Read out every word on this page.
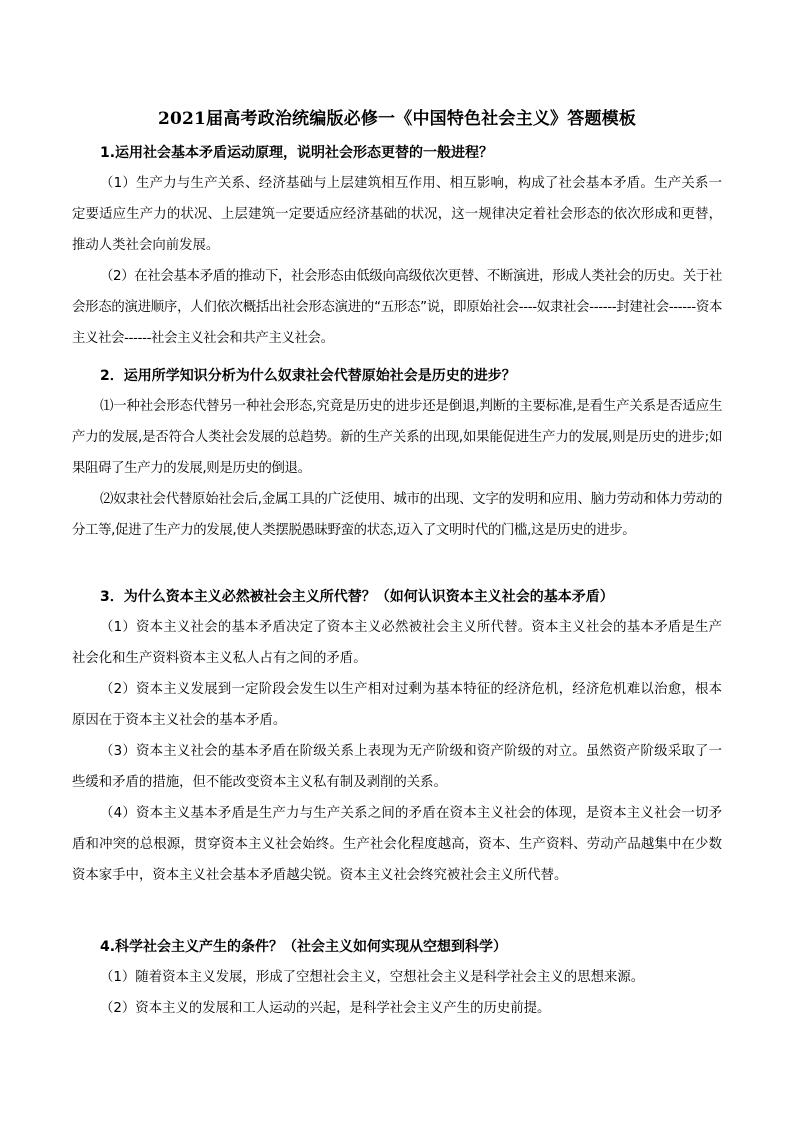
2021届高考政治统编版必修一《中国特色社会主义》答题模板
1.运用社会基本矛盾运动原理，说明社会形态更替的一般进程？

（1）生产力与生产关系、经济基础与上层建筑相互作用、相互影响，构成了社会基本矛盾。生产关系一定要适应生产力的状况、上层建筑一定要适应经济基础的状况，这一规律决定着社会形态的依次形成和更替，推动人类社会向前发展。

（2）在社会基本矛盾的推动下，社会形态由低级向高级依次更替、不断演进，形成人类社会的历史。关于社会形态的演进顺序，人们依次概括出社会形态演进的“五形态”说，即原始社会----奴隶社会------封建社会------资本主义社会------社会主义社会和共产主义社会。

2．运用所学知识分析为什么奴隶社会代替原始社会是历史的进步？

⑴一种社会形态代替另一种社会形态,究竟是历史的进步还是倒退,判断的主要标准,是看生产关系是否适应生产力的发展,是否符合人类社会发展的总趋势。新的生产关系的出现,如果能促进生产力的发展,则是历史的进步;如果阻碍了生产力的发展,则是历史的倒退。

⑵奴隶社会代替原始社会后,金属工具的广泛使用、城市的出现、文字的发明和应用、脑力劳动和体力劳动的分工等,促进了生产力的发展,使人类摆脱愚昧野蛮的状态,迈入了文明时代的门槛,这是历史的进步。

3．为什么资本主义必然被社会主义所代替？（如何认识资本主义社会的基本矛盾）

（1）资本主义社会的基本矛盾决定了资本主义必然被社会主义所代替。资本主义社会的基本矛盾是生产社会化和生产资料资本主义私人占有之间的矛盾。

（2）资本主义发展到一定阶段会发生以生产相对过剩为基本特征的经济危机，经济危机难以治愈，根本原因在于资本主义社会的基本矛盾。

（3）资本主义社会的基本矛盾在阶级关系上表现为无产阶级和资产阶级的对立。虽然资产阶级采取了一些缓和矛盾的措施，但不能改变资本主义私有制及剥削的关系。

（4）资本主义基本矛盾是生产力与生产关系之间的矛盾在资本主义社会的体现，是资本主义社会一切矛盾和冲突的总根源，贯穿资本主义社会始终。生产社会化程度越高，资本、生产资料、劳动产品越集中在少数资本家手中，资本主义社会基本矛盾越尖锐。资本主义社会终究被社会主义所代替。

4.科学社会主义产生的条件？（社会主义如何实现从空想到科学）

（1）随着资本主义发展，形成了空想社会主义，空想社会主义是科学社会主义的思想来源。

（2）资本主义的发展和工人运动的兴起，是科学社会主义产生的历史前提。
